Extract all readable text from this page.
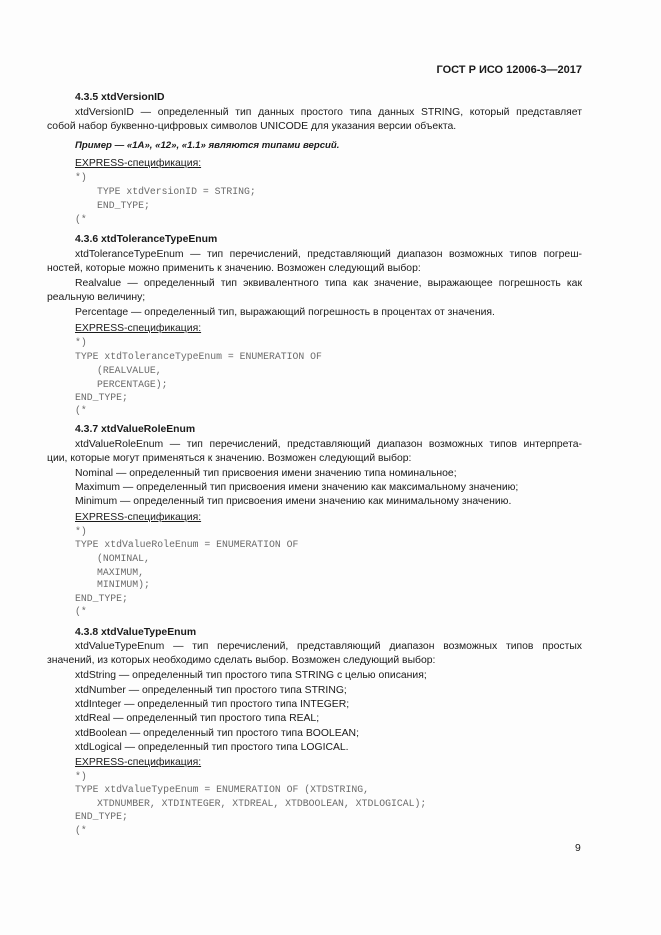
ГОСТ Р ИСО 12006-3—2017
4.3.5 xtdVersionID
xtdVersionID — определенный тип данных простого типа данных STRING, который представляет
собой набор буквенно-цифровых символов UNICODE для указания версии объекта.
Пример — «1A», «12», «1.1» являются типами версий.
EXPRESS-спецификация:
*)
TYPE xtdVersionID = STRING;
END_TYPE;
(*
4.3.6 xtdToleranceTypeEnum
xtdToleranceTypeEnum — тип перечислений, представляющий диапазон возможных типов погреш-
ностей, которые можно применить к значению. Возможен следующий выбор:
Realvalue — определенный тип эквивалентного типа как значение, выражающее погрешность как
реальную величину;
Percentage — определенный тип, выражающий погрешность в процентах от значения.
EXPRESS-спецификация:
*)
TYPE xtdToleranceTypeEnum = ENUMERATION OF
(REALVALUE,
PERCENTAGE);
END_TYPE;
(*
4.3.7 xtdValueRoleEnum
xtdValueRoleEnum — тип перечислений, представляющий диапазон возможных типов интерпрета-
ции, которые могут применяться к значению. Возможен следующий выбор:
Nominal — определенный тип присвоения имени значению типа номинальное;
Maximum — определенный тип присвоения имени значению как максимальному значению;
Minimum — определенный тип присвоения имени значению как минимальному значению.
EXPRESS-спецификация:
*)
TYPE xtdValueRoleEnum = ENUMERATION OF
(NOMINAL,
MAXIMUM,
MINIMUM);
END_TYPE;
(*
4.3.8 xtdValueTypeEnum
xtdValueTypeEnum — тип перечислений, представляющий диапазон возможных типов простых
значений, из которых необходимо сделать выбор. Возможен следующий выбор:
xtdString — определенный тип простого типа STRING с целью описания;
xtdNumber — определенный тип простого типа STRING;
xtdInteger — определенный тип простого типа INTEGER;
xtdReal — определенный тип простого типа REAL;
xtdBoolean — определенный тип простого типа BOOLEAN;
xtdLogical — определенный тип простого типа LOGICAL.
EXPRESS-спецификация:
*)
TYPE xtdValueTypeEnum = ENUMERATION OF (XTDSTRING,
XTDNUMBER, XTDINTEGER, XTDREAL, XTDBOOLEAN, XTDLOGICAL);
END_TYPE;
(*
9
